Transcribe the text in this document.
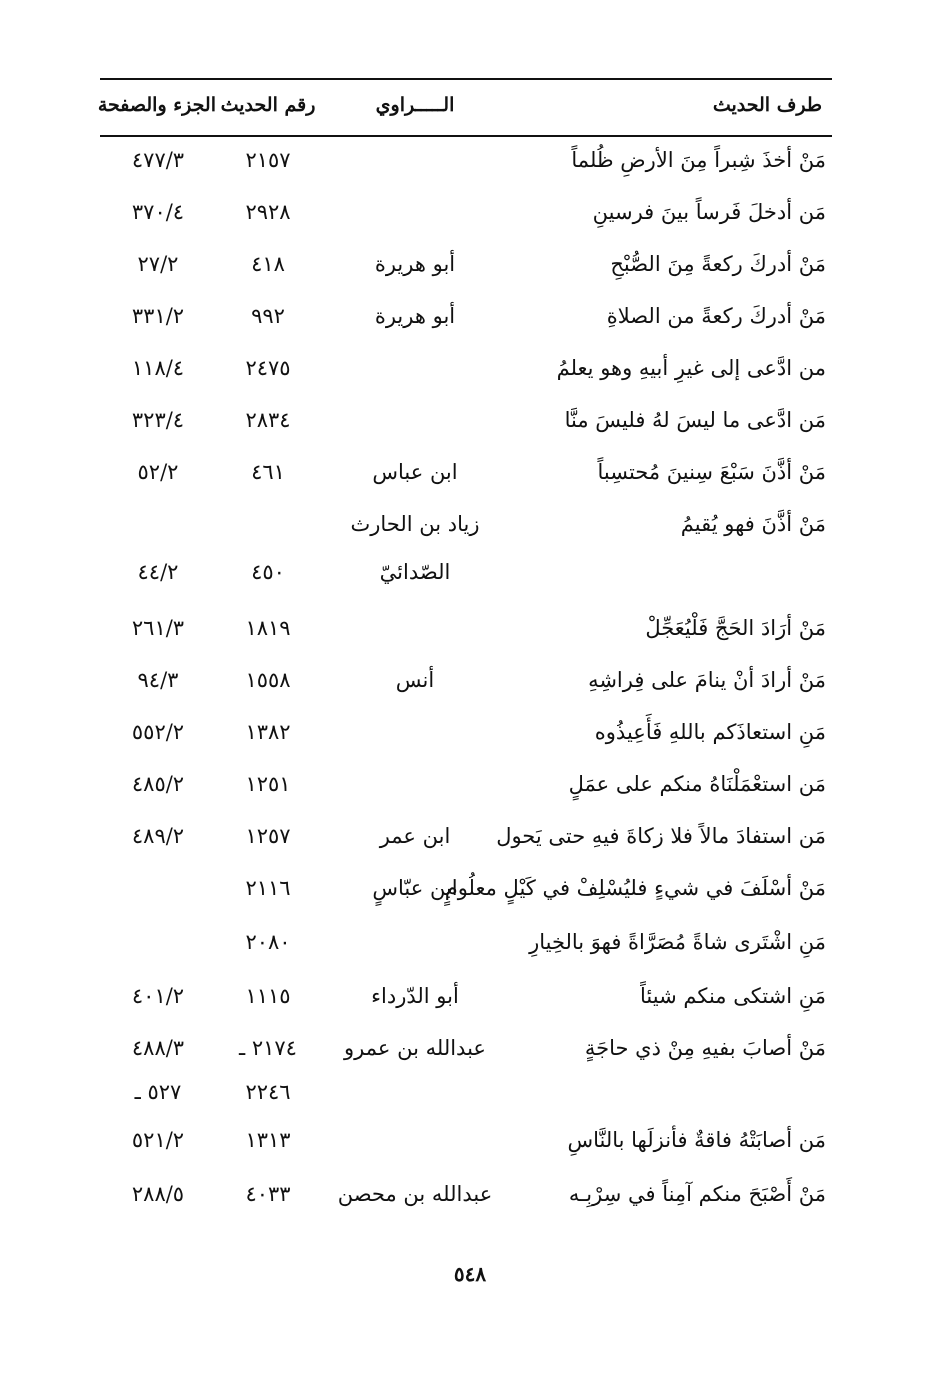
طرف الحديث
الـــــراوي
رقم الحديث
الجزء والصفحة
مَنْ أخذَ شِبراً مِنَ الأرضِ ظُلماً
٢١٥٧
٤٧٧/٣
مَن أدخلَ فَرساً بينَ فرسينِ
٢٩٢٨
٣٧٠/٤
مَنْ أدركَ ركعةً مِنَ الصُّبْحِ
أبو هريرة
٤١٨
٢٧/٢
مَنْ أدركَ ركعةً من الصلاةِ
أبو هريرة
٩٩٢
٣٣١/٢
من ادَّعى إلى غيرِ أبيهِ وهو يعلمُ
٢٤٧٥
١١٨/٤
مَن ادَّعى ما ليسَ لهُ فليسَ منَّا
٢٨٣٤
٣٢٣/٤
مَنْ أذَّنَ سَبْعَ سِنينَ مُحتسِباً
ابن عباس
٤٦١
٥٢/٢
مَنْ أذَّنَ فهو يُقيمُ
زياد بن الحارث
الصّدائيّ
٤٥٠
٤٤/٢
مَنْ أرَادَ الحَجَّ فَلْيُعَجِّلْ
١٨١٩
٢٦١/٣
مَنْ أرادَ أنْ ينامَ على فِراشِهِ
أنس
١٥٥٨
٩٤/٣
مَنِ استعاذَكم باللهِ فَأَعِيذُوه
١٣٨٢
٥٥٢/٢
مَن استعْمَلْنَاهُ منكم على عمَلٍ
١٢٥١
٤٨٥/٢
مَن استفادَ مالاً فلا زكاةَ فيهِ حتى يَحول
ابن عمر
١٢٥٧
٤٨٩/٢
مَنْ أسْلَفَ في شيءٍ فليُسْلِفْ في كَيْلٍ معلُومٍ
ابن عبّاسٍ
٢١١٦
مَنِ اشْتَرى شاةً مُصَرَّاةً فهوَ بالخِيارِ
٢٠٨٠
مَنِ اشتكى منكم شيئاً
أبو الدّرداء
١١١٥
٤٠١/٢
مَنْ أصابَ بفيهِ مِنْ ذي حاجَةٍ
عبدالله بن عمرو
٢١٧٤ ـ
٤٨٨/٣
٢٢٤٦
٥٢٧ ـ
مَن أصابَتْهُ فاقةٌ فأنزلَها بالنَّاسِ
١٣١٣
٥٢١/٢
مَنْ أَصْبَحَ منكم آمِناً في سِرْبِـه
عبدالله بن محصن
٤٠٣٣
٢٨٨/٥
٥٤٨
